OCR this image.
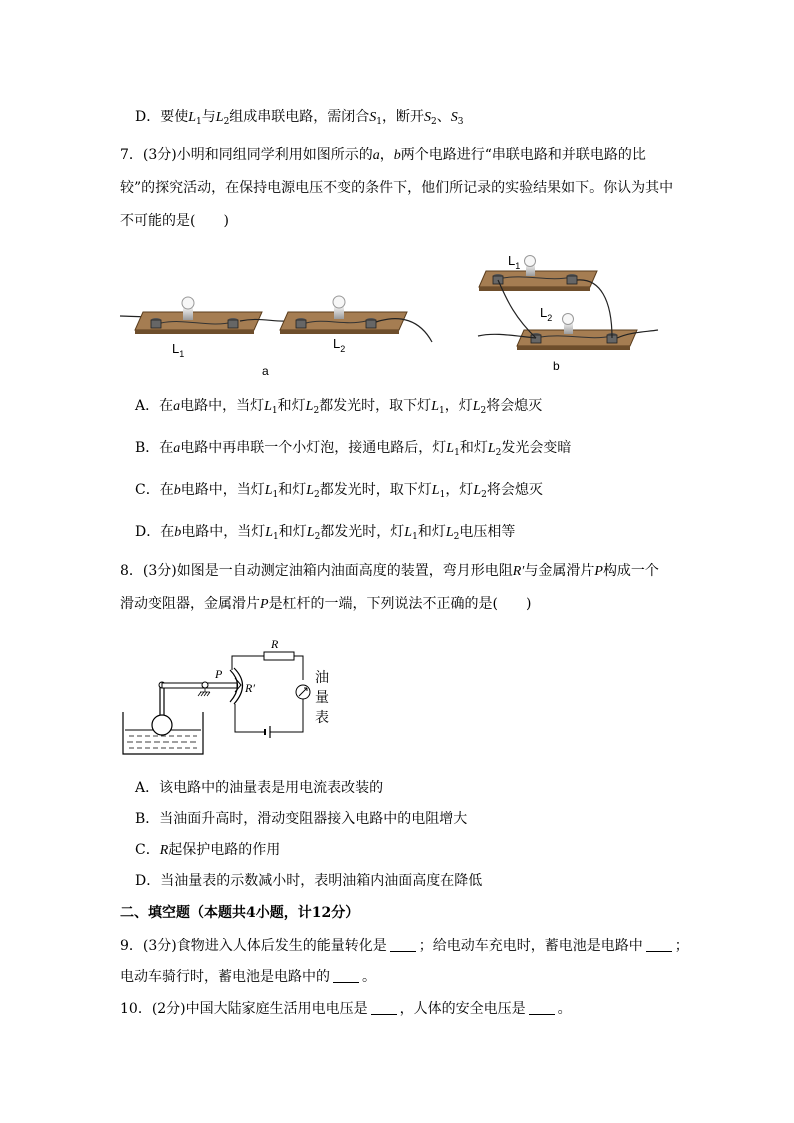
D．要使$L_1$与$L_2$组成串联电路，需闭合$S_1$，断开$S_2$、$S_3$
7．(3分)小明和同组同学利用如图所示的a，b两个电路进行“串联电路和并联电路的比
较”的探究活动，在保持电源电压不变的条件下，他们所记录的实验结果如下。你认为其中
不可能的是(　　)
$L_1$
$L_2$
a
$L_1$
$L_2$
b
A．在a电路中，当灯$L_1$和灯$L_2$都发光时，取下灯$L_1$，灯$L_2$将会熄灭
B．在a电路中再串联一个小灯泡，接通电路后，灯$L_1$和灯$L_2$发光会变暗
C．在b电路中，当灯$L_1$和灯$L_2$都发光时，取下灯$L_1$，灯$L_2$将会熄灭
D．在b电路中，当灯$L_1$和灯$L_2$都发光时，灯$L_1$和灯$L_2$电压相等
8．(3分)如图是一自动测定油箱内油面高度的装置，弯月形电阻R′与金属滑片P构成一个
滑动变阻器，金属滑片P是杠杆的一端，下列说法不正确的是(　　)
R
P
R′
油
量
表
A．该电路中的油量表是用电流表改装的
B．当油面升高时，滑动变阻器接入电路中的电阻增大
C．R起保护电路的作用
D．当油量表的示数减小时，表明油箱内油面高度在降低
二、填空题（本题共4小题，计12分）
9．(3分)食物进入人体后发生的能量转化是 ；给电动车充电时，蓄电池是电路中 ；
电动车骑行时，蓄电池是电路中的 。
10．(2分)中国大陆家庭生活用电电压是 ，人体的安全电压是 。
